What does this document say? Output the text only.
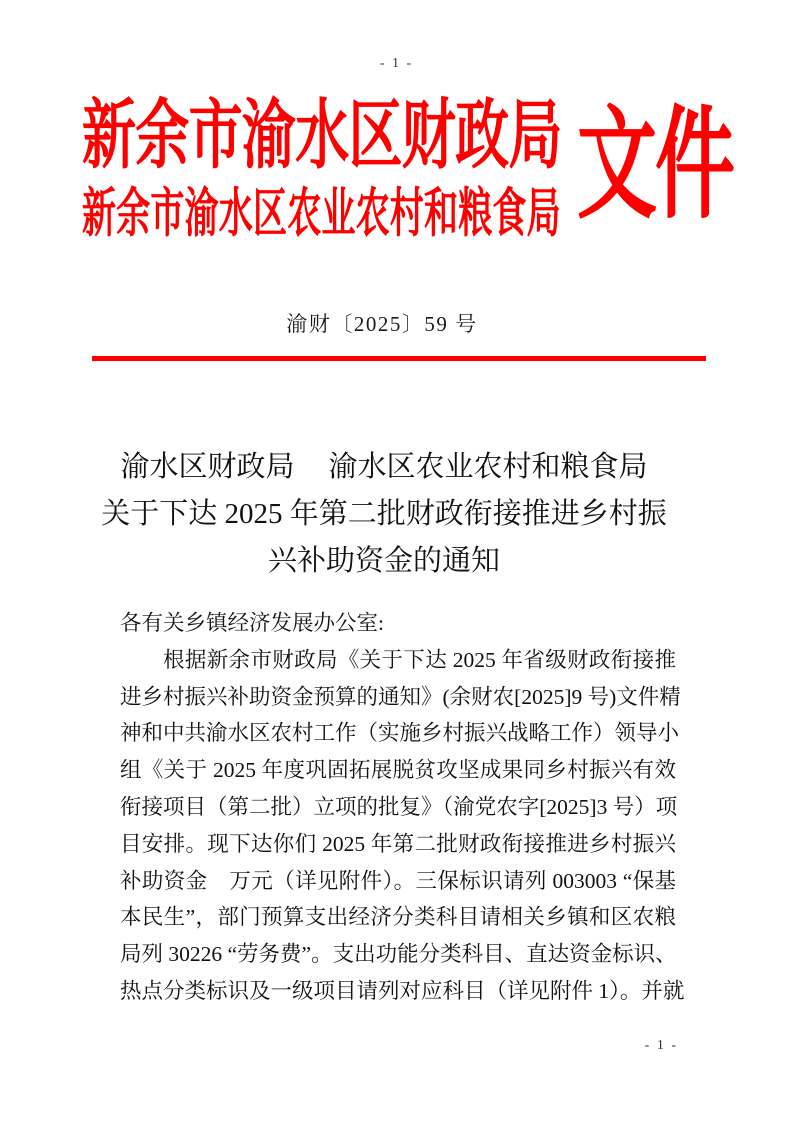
- 1 -
新余市渝水区财政局
新余市渝水区农业农村和粮食局 文件
渝财〔2025〕59 号
渝水区财政局 渝水区农业农村和粮食局
关于下达 2025 年第二批财政衔接推进乡村振
兴补助资金的通知
各有关乡镇经济发展办公室:
根据新余市财政局《关于下达 2025 年省级财政衔接推
进乡村振兴补助资金预算的通知》(余财农[2025]9 号)文件精
神和中共渝水区农村工作（实施乡村振兴战略工作）领导小
组《关于 2025 年度巩固拓展脱贫攻坚成果同乡村振兴有效
衔接项目（第二批）立项的批复》（渝党农字[2025]3 号）项
目安排。现下达你们 2025 年第二批财政衔接推进乡村振兴
补助资金　万元（详见附件）。三保标识请列 003003 “保基
本民生”，部门预算支出经济分类科目请相关乡镇和区农粮
局列 30226 “劳务费”。支出功能分类科目、直达资金标识、
热点分类标识及一级项目请列对应科目（详见附件 1）。并就
- 1 -
